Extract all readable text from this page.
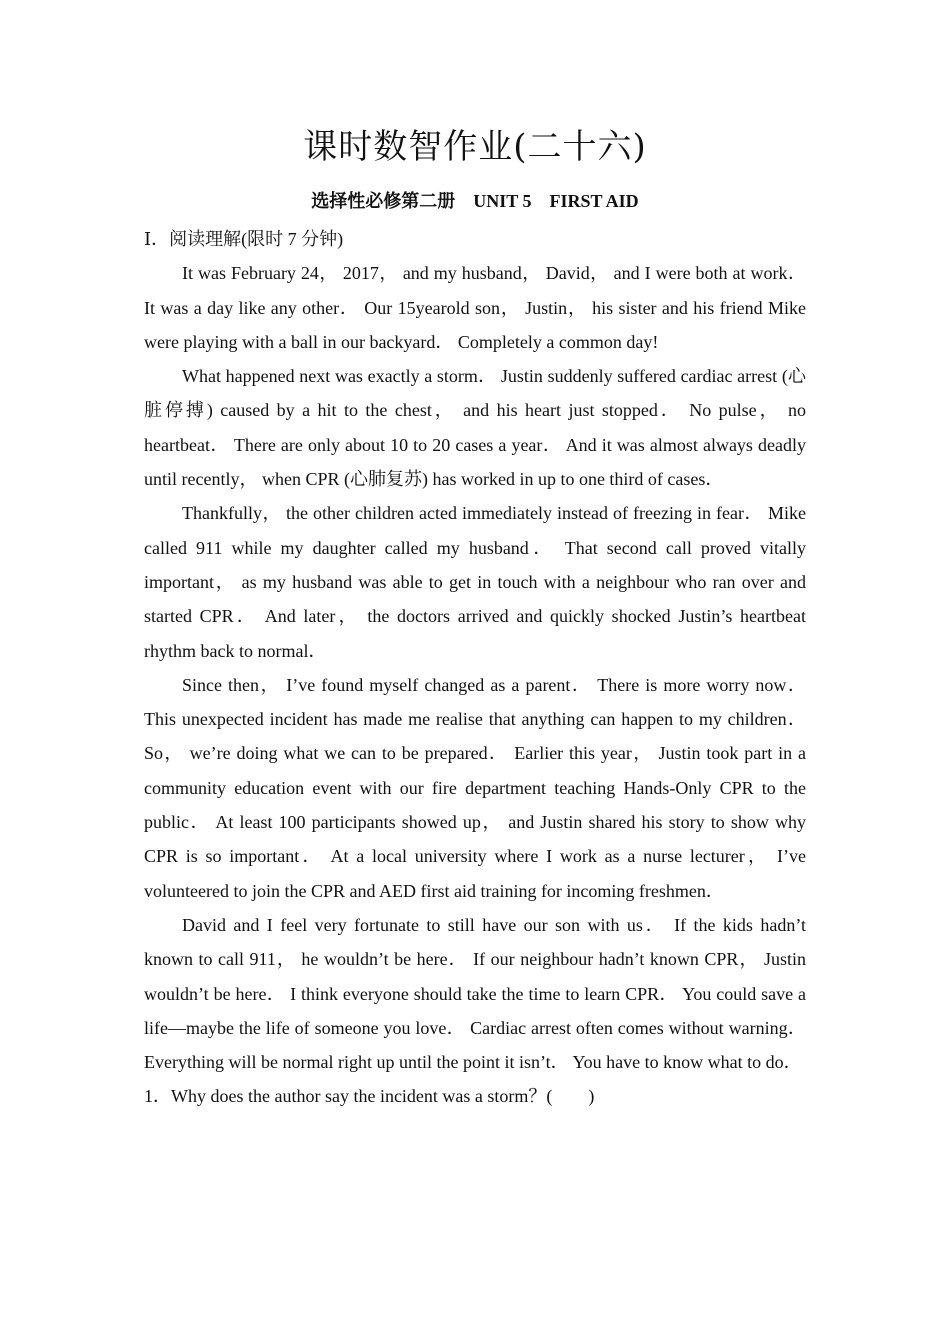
课时数智作业(二十六)
选择性必修第二册    UNIT 5    FIRST AID

Ⅰ．阅读理解(限时 7 分钟)

It was February 24， 2017， and my husband， David， and I were both at work． It was a day like any other． Our 15yearold son， Justin， his sister and his friend Mike were playing with a ball in our backyard． Completely a common day!

What happened next was exactly a storm． Justin suddenly suffered cardiac arrest (心脏停搏) caused by a hit to the chest， and his heart just stopped． No pulse， no heartbeat． There are only about 10 to 20 cases a year． And it was almost always deadly until recently， when CPR (心肺复苏) has worked in up to one third of cases．

Thankfully， the other children acted immediately instead of freezing in fear． Mike called 911 while my daughter called my husband． That second call proved vitally important， as my husband was able to get in touch with a neighbour who ran over and started CPR． And later， the doctors arrived and quickly shocked Justin’s heartbeat rhythm back to normal．

Since then， I’ve found myself changed as a parent． There is more worry now． This unexpected incident has made me realise that anything can happen to my children． So， we’re doing what we can to be prepared． Earlier this year， Justin took part in a community education event with our fire department teaching Hands-Only CPR to the public． At least 100 participants showed up， and Justin shared his story to show why CPR is so important． At a local university where I work as a nurse lecturer， I’ve volunteered to join the CPR and AED first aid training for incoming freshmen．

David and I feel very fortunate to still have our son with us． If the kids hadn’t known to call 911， he wouldn’t be here． If our neighbour hadn’t known CPR， Justin wouldn’t be here． I think everyone should take the time to learn CPR． You could save a life—maybe the life of someone you love． Cardiac arrest often comes without warning． Everything will be normal right up until the point it isn’t． You have to know what to do．

1．Why does the author say the incident was a storm？(　　)
